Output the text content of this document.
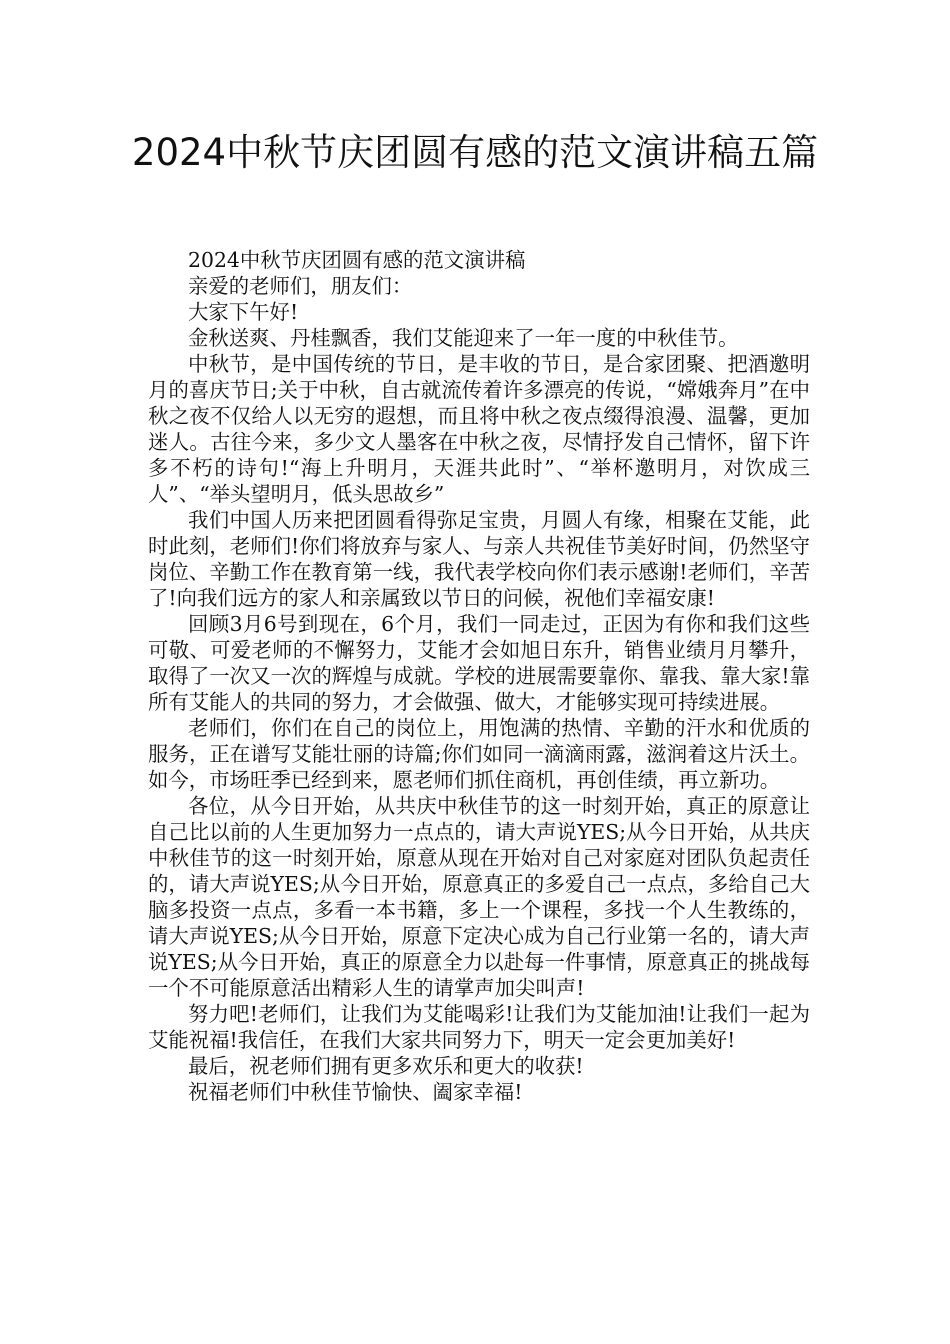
2024中秋节庆团圆有感的范文演讲稿五篇

2024中秋节庆团圆有感的范文演讲稿

亲爱的老师们，朋友们：

大家下午好!

金秋送爽、丹桂飘香，我们艾能迎来了一年一度的中秋佳节。

中秋节，是中国传统的节日，是丰收的节日，是合家团聚、把酒邀明月的喜庆节日;关于中秋，自古就流传着许多漂亮的传说，“嫦娥奔月”在中秋之夜不仅给人以无穷的遐想，而且将中秋之夜点缀得浪漫、温馨，更加迷人。古往今来，多少文人墨客在中秋之夜，尽情抒发自己情怀，留下许多不朽的诗句!“海上升明月，天涯共此时”、“举杯邀明月，对饮成三人”、“举头望明月，低头思故乡”

我们中国人历来把团圆看得弥足宝贵，月圆人有缘，相聚在艾能，此时此刻，老师们!你们将放弃与家人、与亲人共祝佳节美好时间，仍然坚守岗位、辛勤工作在教育第一线，我代表学校向你们表示感谢!老师们，辛苦了!向我们远方的家人和亲属致以节日的问候，祝他们幸福安康!

回顾3月6号到现在，6个月，我们一同走过，正因为有你和我们这些可敬、可爱老师的不懈努力，艾能才会如旭日东升，销售业绩月月攀升，取得了一次又一次的辉煌与成就。学校的进展需要靠你、靠我、靠大家!靠所有艾能人的共同的努力，才会做强、做大，才能够实现可持续进展。

老师们，你们在自己的岗位上，用饱满的热情、辛勤的汗水和优质的服务，正在谱写艾能壮丽的诗篇;你们如同一滴滴雨露，滋润着这片沃土。如今，市场旺季已经到来，愿老师们抓住商机，再创佳绩，再立新功。

各位，从今日开始，从共庆中秋佳节的这一时刻开始，真正的原意让自己比以前的人生更加努力一点点的，请大声说YES;从今日开始，从共庆中秋佳节的这一时刻开始，原意从现在开始对自己对家庭对团队负起责任的，请大声说YES;从今日开始，原意真正的多爱自己一点点，多给自己大脑多投资一点点，多看一本书籍，多上一个课程，多找一个人生教练的，请大声说YES;从今日开始，原意下定决心成为自己行业第一名的，请大声说YES;从今日开始，真正的原意全力以赴每一件事情，原意真正的挑战每一个不可能原意活出精彩人生的请掌声加尖叫声!

努力吧!老师们，让我们为艾能喝彩!让我们为艾能加油!让我们一起为艾能祝福!我信任，在我们大家共同努力下，明天一定会更加美好!

最后，祝老师们拥有更多欢乐和更大的收获!

祝福老师们中秋佳节愉快、阖家幸福!
